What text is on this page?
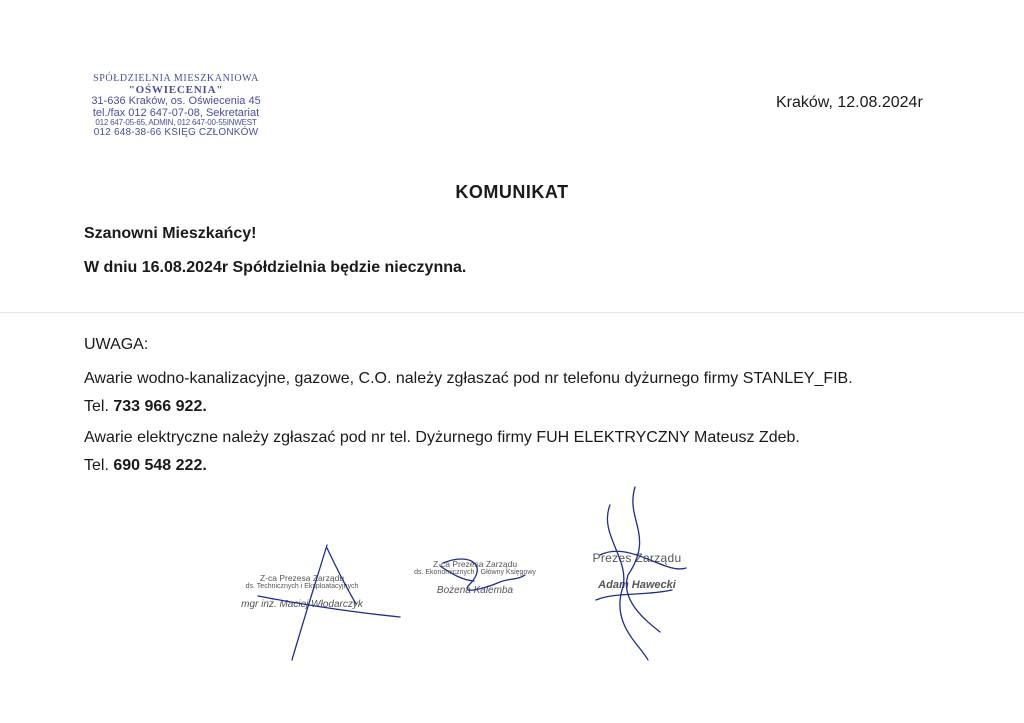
SPÓŁDZIELNIA MIESZKANIOWA
"OŚWIECENIA"
31-636 Kraków, os. Oświecenia 45
tel./fax 012 647-07-08, Sekretariat
012 647-05-65, ADMIN, 012 647-00-55INWEST
012 648-38-66 KSIĘG CZŁONKÓW
Kraków, 12.08.2024r
KOMUNIKAT
Szanowni Mieszkańcy!
W dniu 16.08.2024r Spółdzielnia będzie nieczynna.
UWAGA:
Awarie wodno-kanalizacyjne, gazowe, C.O. należy zgłaszać pod nr telefonu dyżurnego firmy STANLEY_FIB.
Tel. 733 966 922.
Awarie elektryczne należy zgłaszać pod nr tel. Dyżurnego firmy FUH ELEKTRYCZNY Mateusz Zdeb.
Tel. 690 548 222.
Z-ca Prezesa Zarządu
ds. Technicznych i Eksploatacyjnych
mgr inż. Maciej Włodarczyk
Z-ca Prezesa Zarządu
ds. Ekonomicznych - Główny Księgowy
Bożena Kalemba
Prezes Zarządu
Adam Hawecki
